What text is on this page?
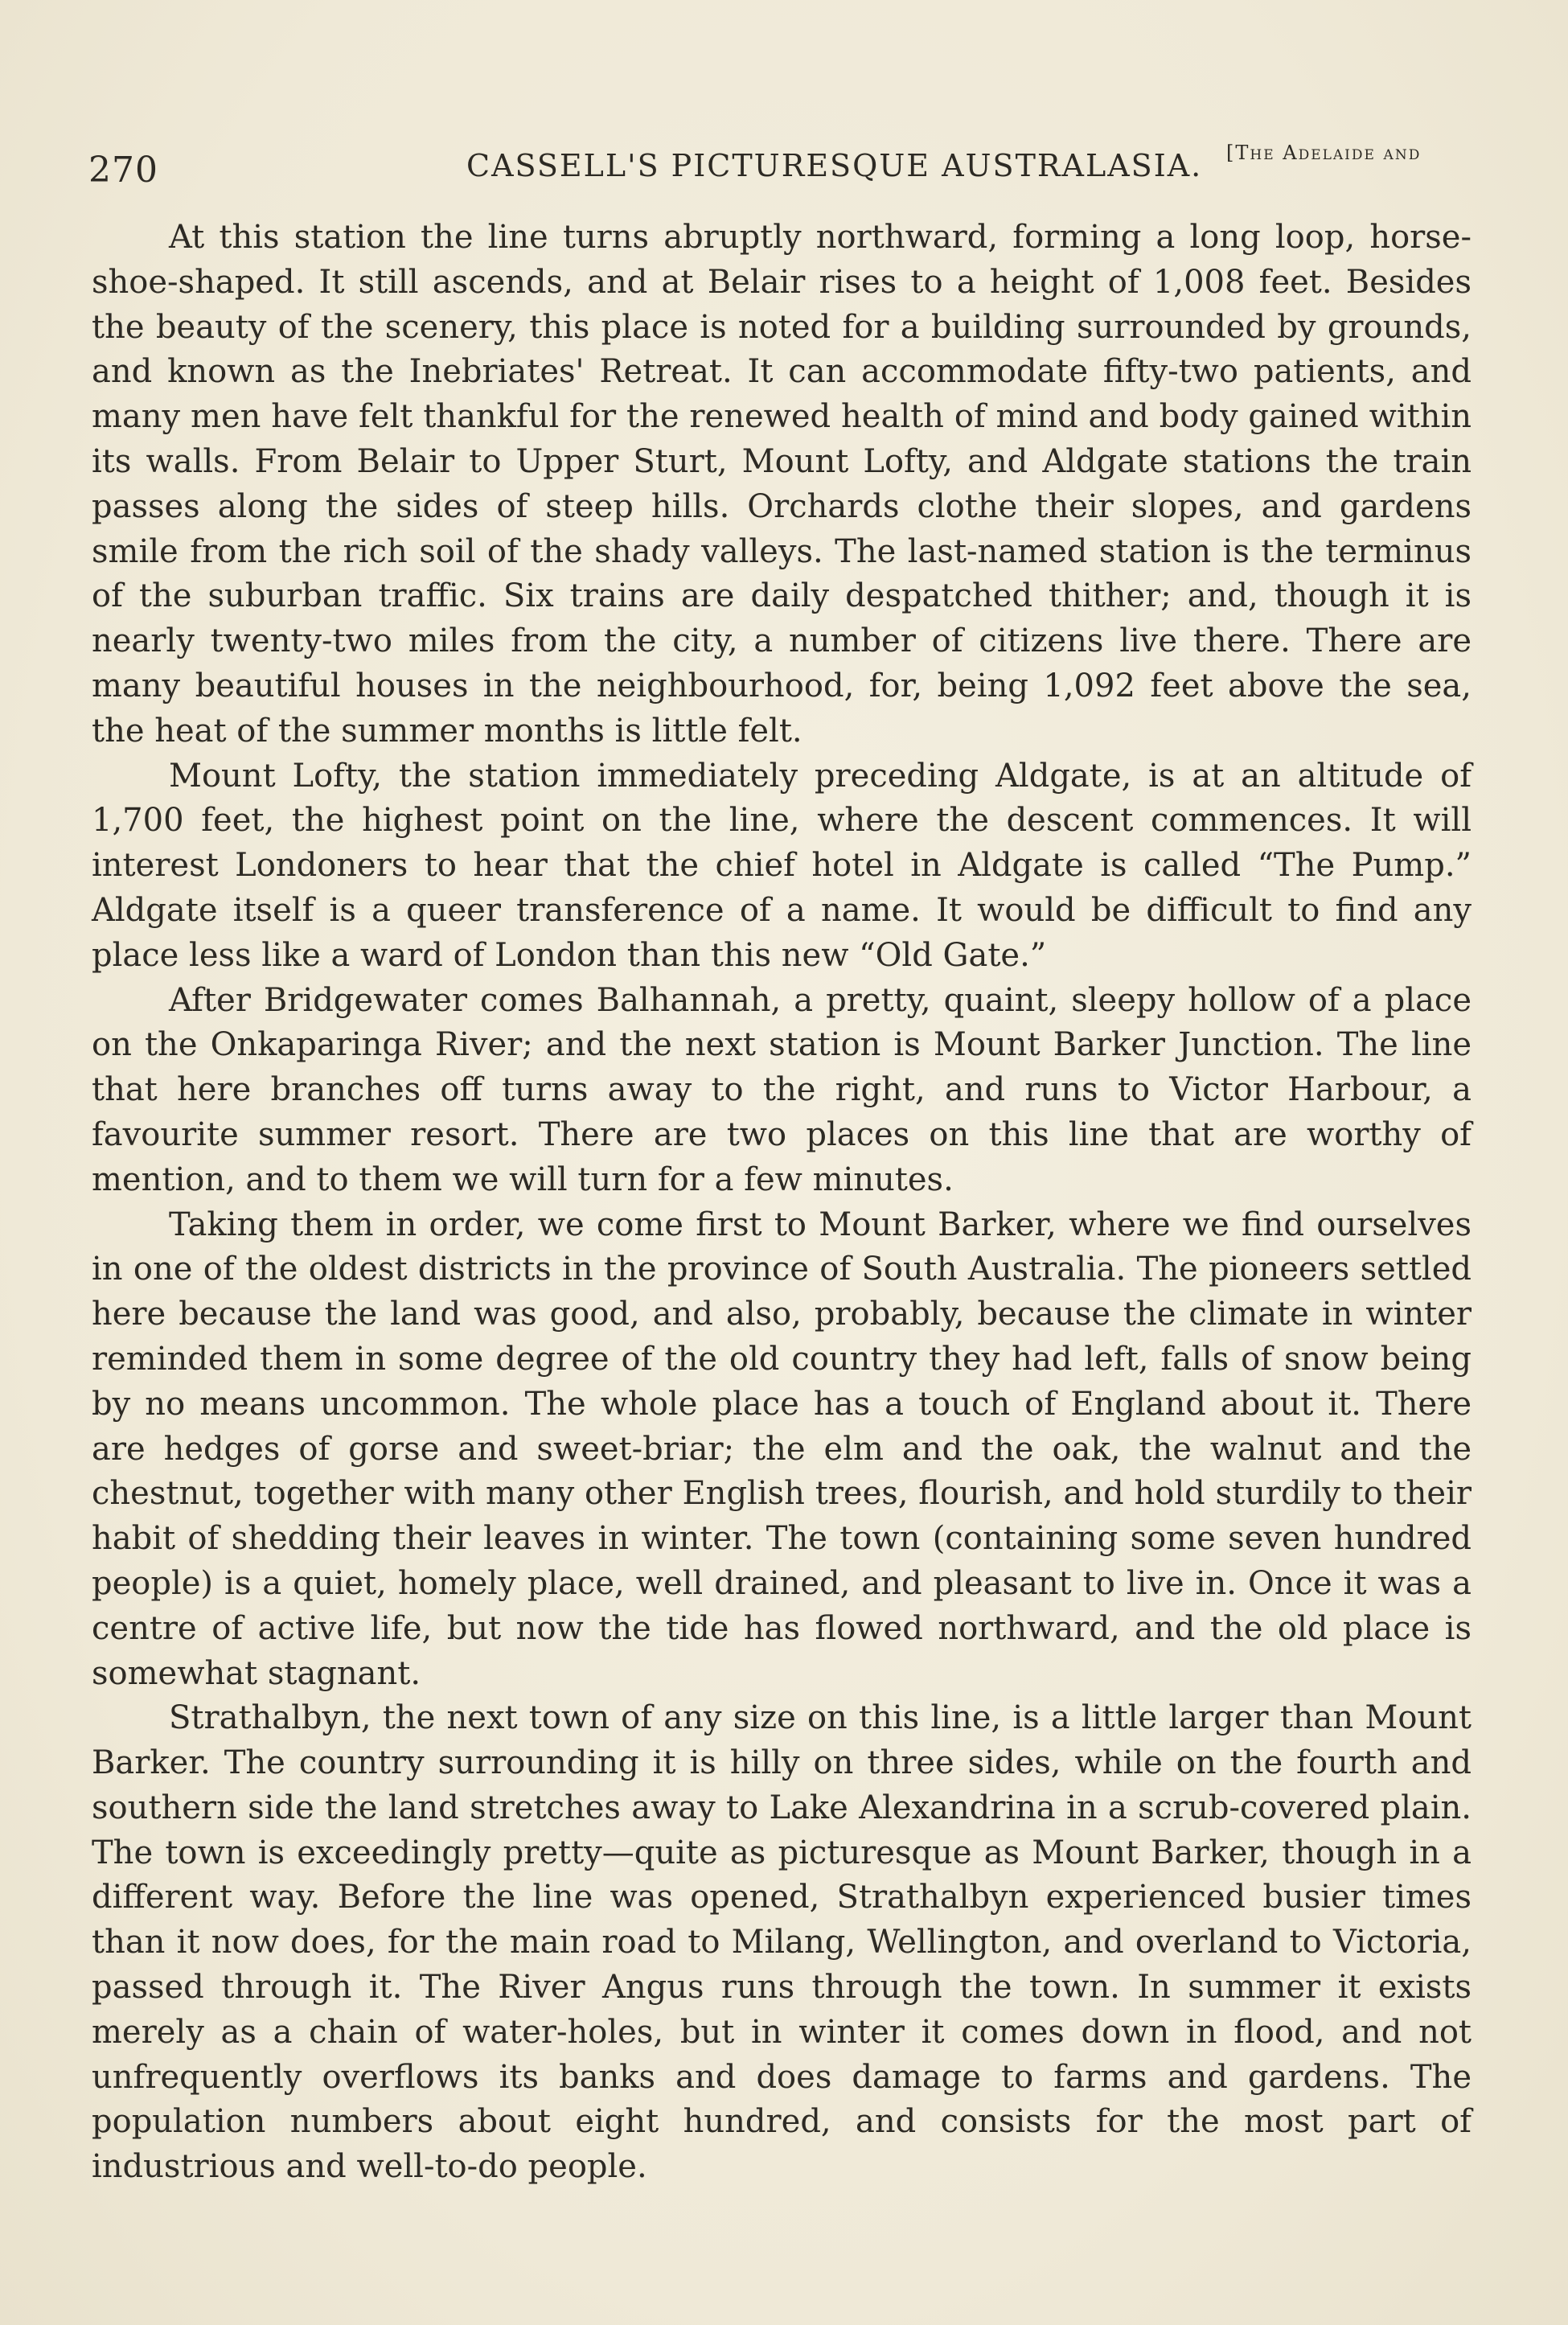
270	CASSELL'S PICTURESQUE AUSTRALASIA. [The Adelaide and

At this station the line turns abruptly northward, forming a long loop, horse-shoe-shaped. It still ascends, and at Belair rises to a height of 1,008 feet. Besides the beauty of the scenery, this place is noted for a building surrounded by grounds, and known as the Inebriates' Retreat. It can accommodate fifty-two patients, and many men have felt thankful for the renewed health of mind and body gained within its walls. From Belair to Upper Sturt, Mount Lofty, and Aldgate stations the train passes along the sides of steep hills. Orchards clothe their slopes, and gardens smile from the rich soil of the shady valleys. The last-named station is the terminus of the suburban traffic. Six trains are daily despatched thither; and, though it is nearly twenty-two miles from the city, a number of citizens live there. There are many beautiful houses in the neighbourhood, for, being 1,092 feet above the sea, the heat of the summer months is little felt.

Mount Lofty, the station immediately preceding Aldgate, is at an altitude of 1,700 feet, the highest point on the line, where the descent commences. It will interest Londoners to hear that the chief hotel in Aldgate is called “The Pump.” Aldgate itself is a queer transference of a name. It would be difficult to find any place less like a ward of London than this new “Old Gate.”

After Bridgewater comes Balhannah, a pretty, quaint, sleepy hollow of a place on the Onkaparinga River; and the next station is Mount Barker Junction. The line that here branches off turns away to the right, and runs to Victor Harbour, a favourite summer resort. There are two places on this line that are worthy of mention, and to them we will turn for a few minutes.

Taking them in order, we come first to Mount Barker, where we find ourselves in one of the oldest districts in the province of South Australia. The pioneers settled here because the land was good, and also, probably, because the climate in winter reminded them in some degree of the old country they had left, falls of snow being by no means uncommon. The whole place has a touch of England about it. There are hedges of gorse and sweet-briar; the elm and the oak, the walnut and the chestnut, together with many other English trees, flourish, and hold sturdily to their habit of shedding their leaves in winter. The town (containing some seven hundred people) is a quiet, homely place, well drained, and pleasant to live in. Once it was a centre of active life, but now the tide has flowed northward, and the old place is somewhat stagnant.

Strathalbyn, the next town of any size on this line, is a little larger than Mount Barker. The country surrounding it is hilly on three sides, while on the fourth and southern side the land stretches away to Lake Alexandrina in a scrub-covered plain. The town is exceedingly pretty—quite as picturesque as Mount Barker, though in a different way. Before the line was opened, Strathalbyn experienced busier times than it now does, for the main road to Milang, Wellington, and overland to Victoria, passed through it. The River Angus runs through the town. In summer it exists merely as a chain of water-holes, but in winter it comes down in flood, and not unfrequently overflows its banks and does damage to farms and gardens. The population numbers about eight hundred, and consists for the most part of industrious and well-to-do people.
